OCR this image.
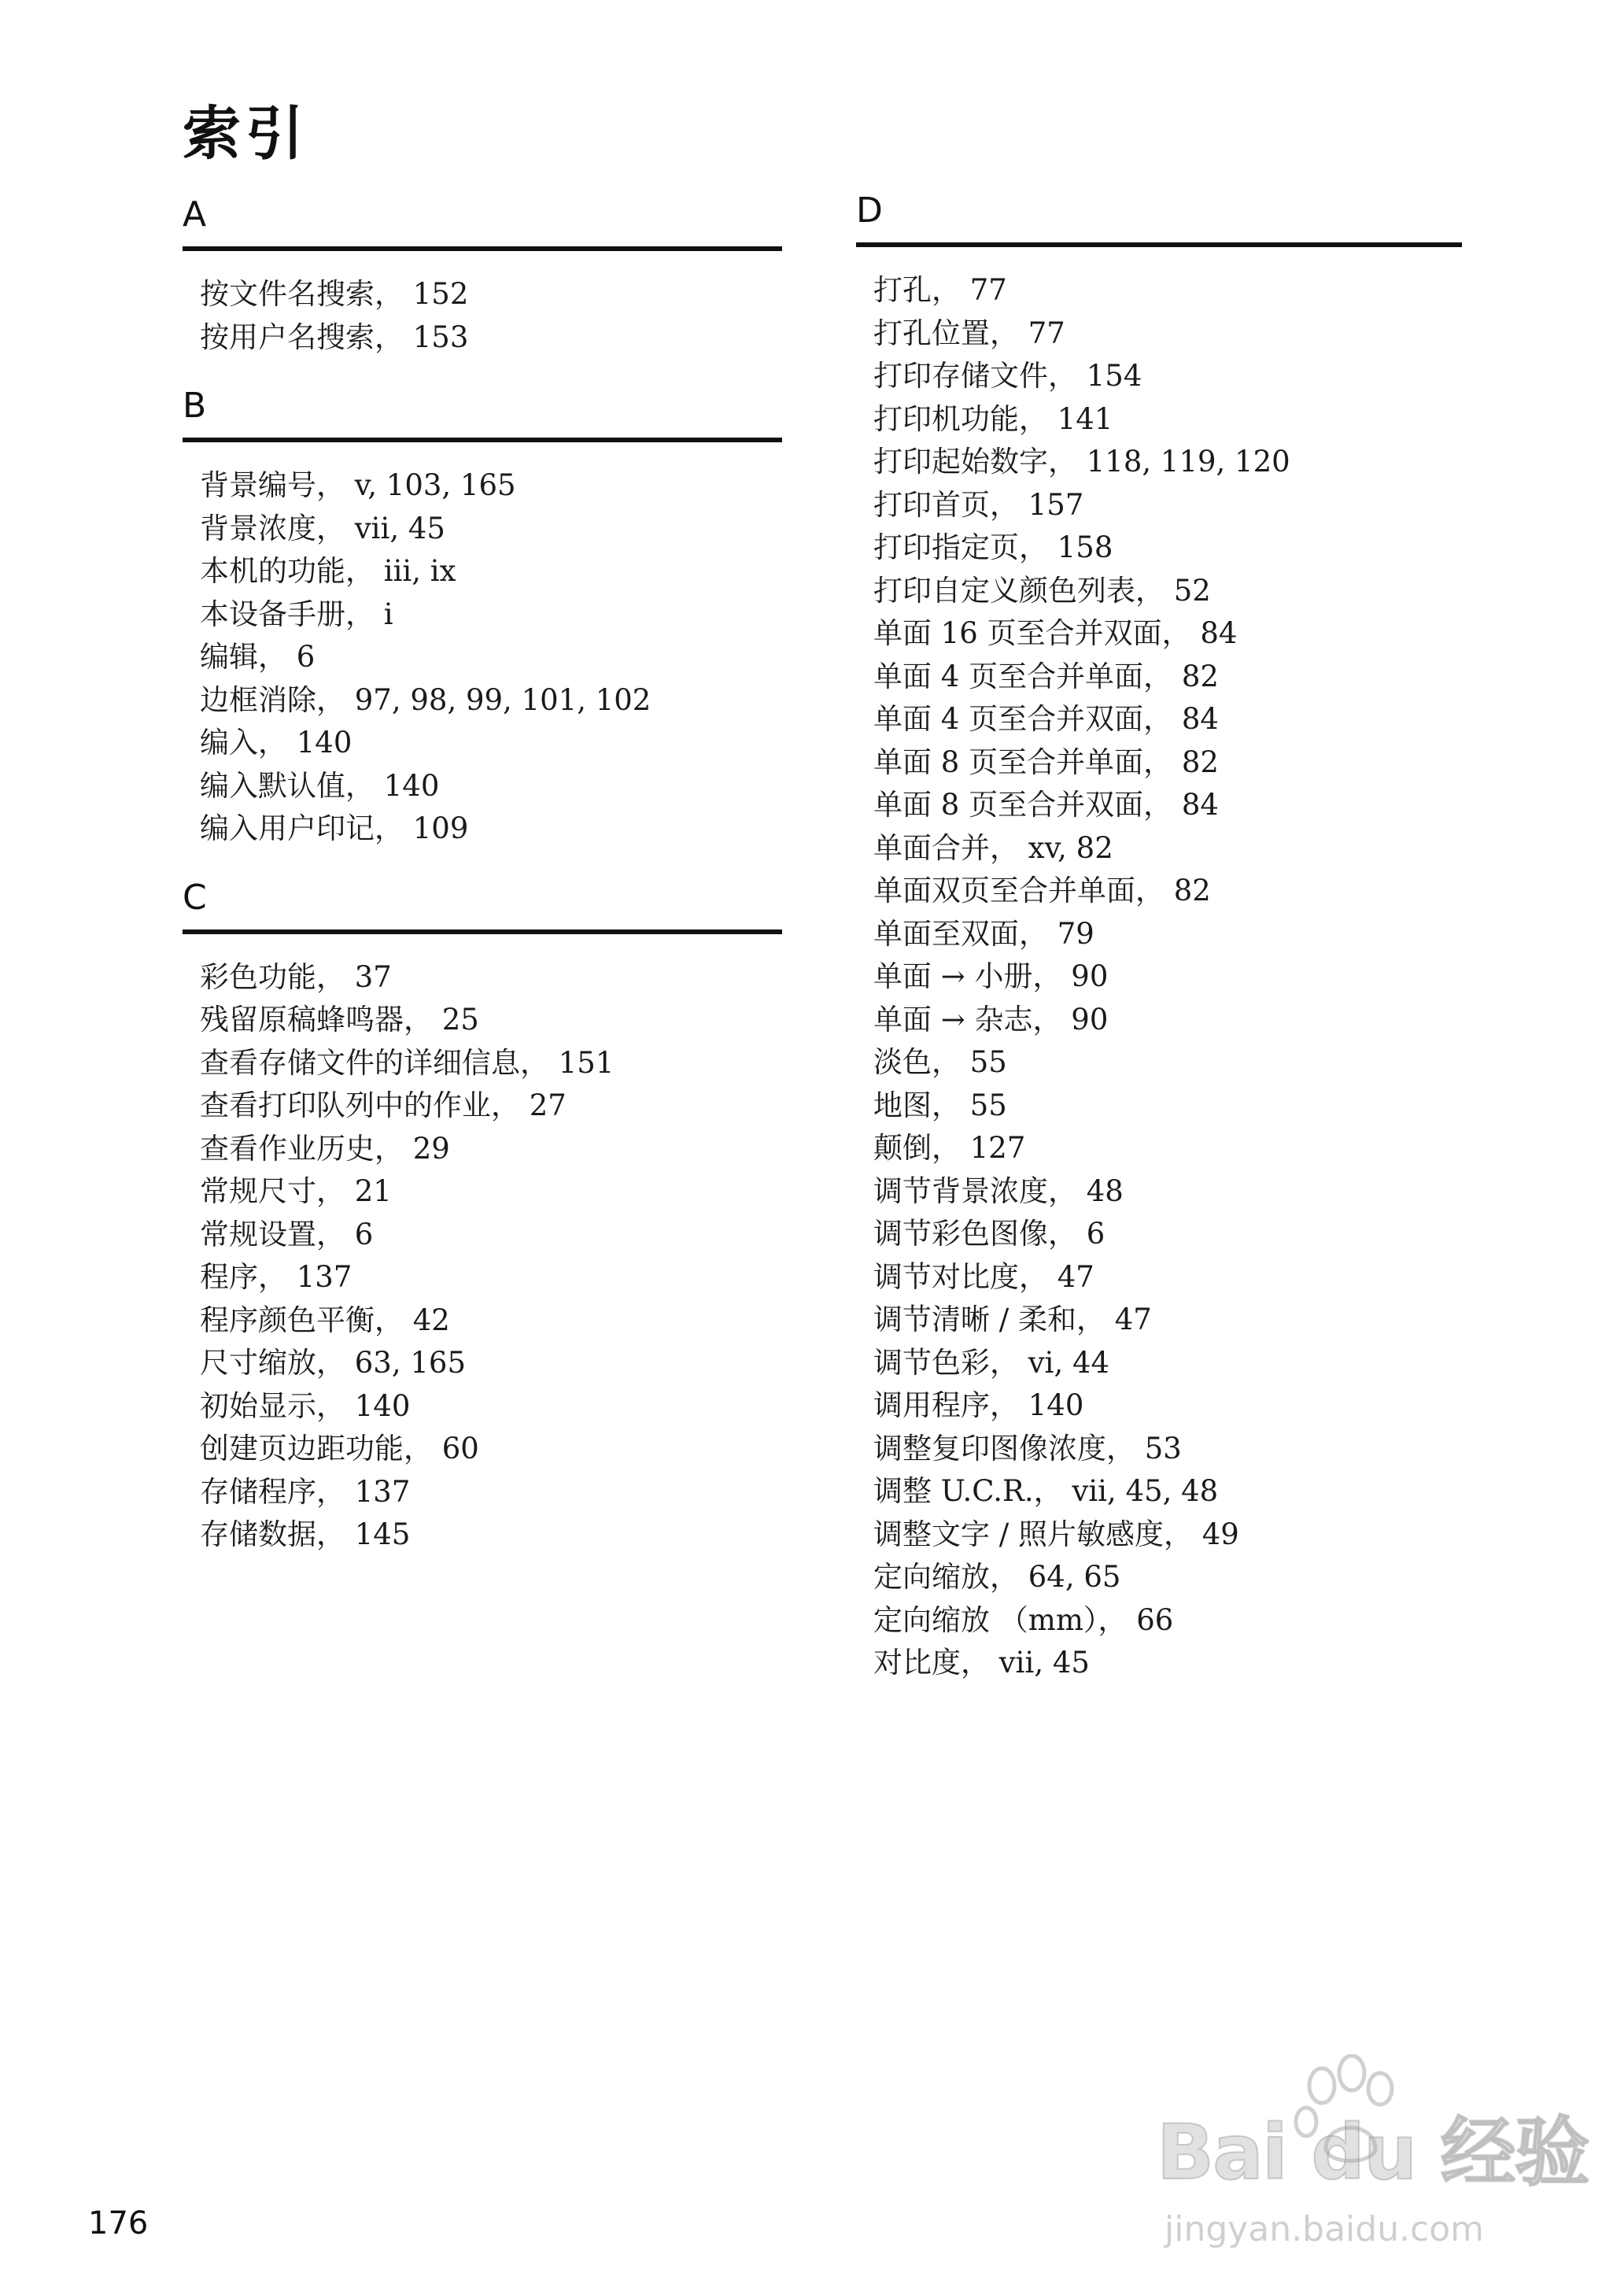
索引
A
按文件名搜索， 152
按用户名搜索， 153
B
背景编号， v, 103, 165
背景浓度， vii, 45
本机的功能， iii, ix
本设备手册， i
编辑， 6
边框消除， 97, 98, 99, 101, 102
编入， 140
编入默认值， 140
编入用户印记， 109
C
彩色功能， 37
残留原稿蜂鸣器， 25
查看存储文件的详细信息， 151
查看打印队列中的作业， 27
查看作业历史， 29
常规尺寸， 21
常规设置， 6
程序， 137
程序颜色平衡， 42
尺寸缩放， 63, 165
初始显示， 140
创建页边距功能， 60
存储程序， 137
存储数据， 145
D
打孔， 77
打孔位置， 77
打印存储文件， 154
打印机功能， 141
打印起始数字， 118, 119, 120
打印首页， 157
打印指定页， 158
打印自定义颜色列表， 52
单面 16 页至合并双面， 84
单面 4 页至合并单面， 82
单面 4 页至合并双面， 84
单面 8 页至合并单面， 82
单面 8 页至合并双面， 84
单面合并， xv, 82
单面双页至合并单面， 82
单面至双面， 79
单面 → 小册， 90
单面 → 杂志， 90
淡色， 55
地图， 55
颠倒， 127
调节背景浓度， 48
调节彩色图像， 6
调节对比度， 47
调节清晰 / 柔和， 47
调节色彩， vi, 44
调用程序， 140
调整复印图像浓度， 53
调整 U.C.R.， vii, 45, 48
调整文字 / 照片敏感度， 49
定向缩放， 64, 65
定向缩放 （mm）， 66
对比度， vii, 45
176
Bai du 经验
jingyan.baidu.com
